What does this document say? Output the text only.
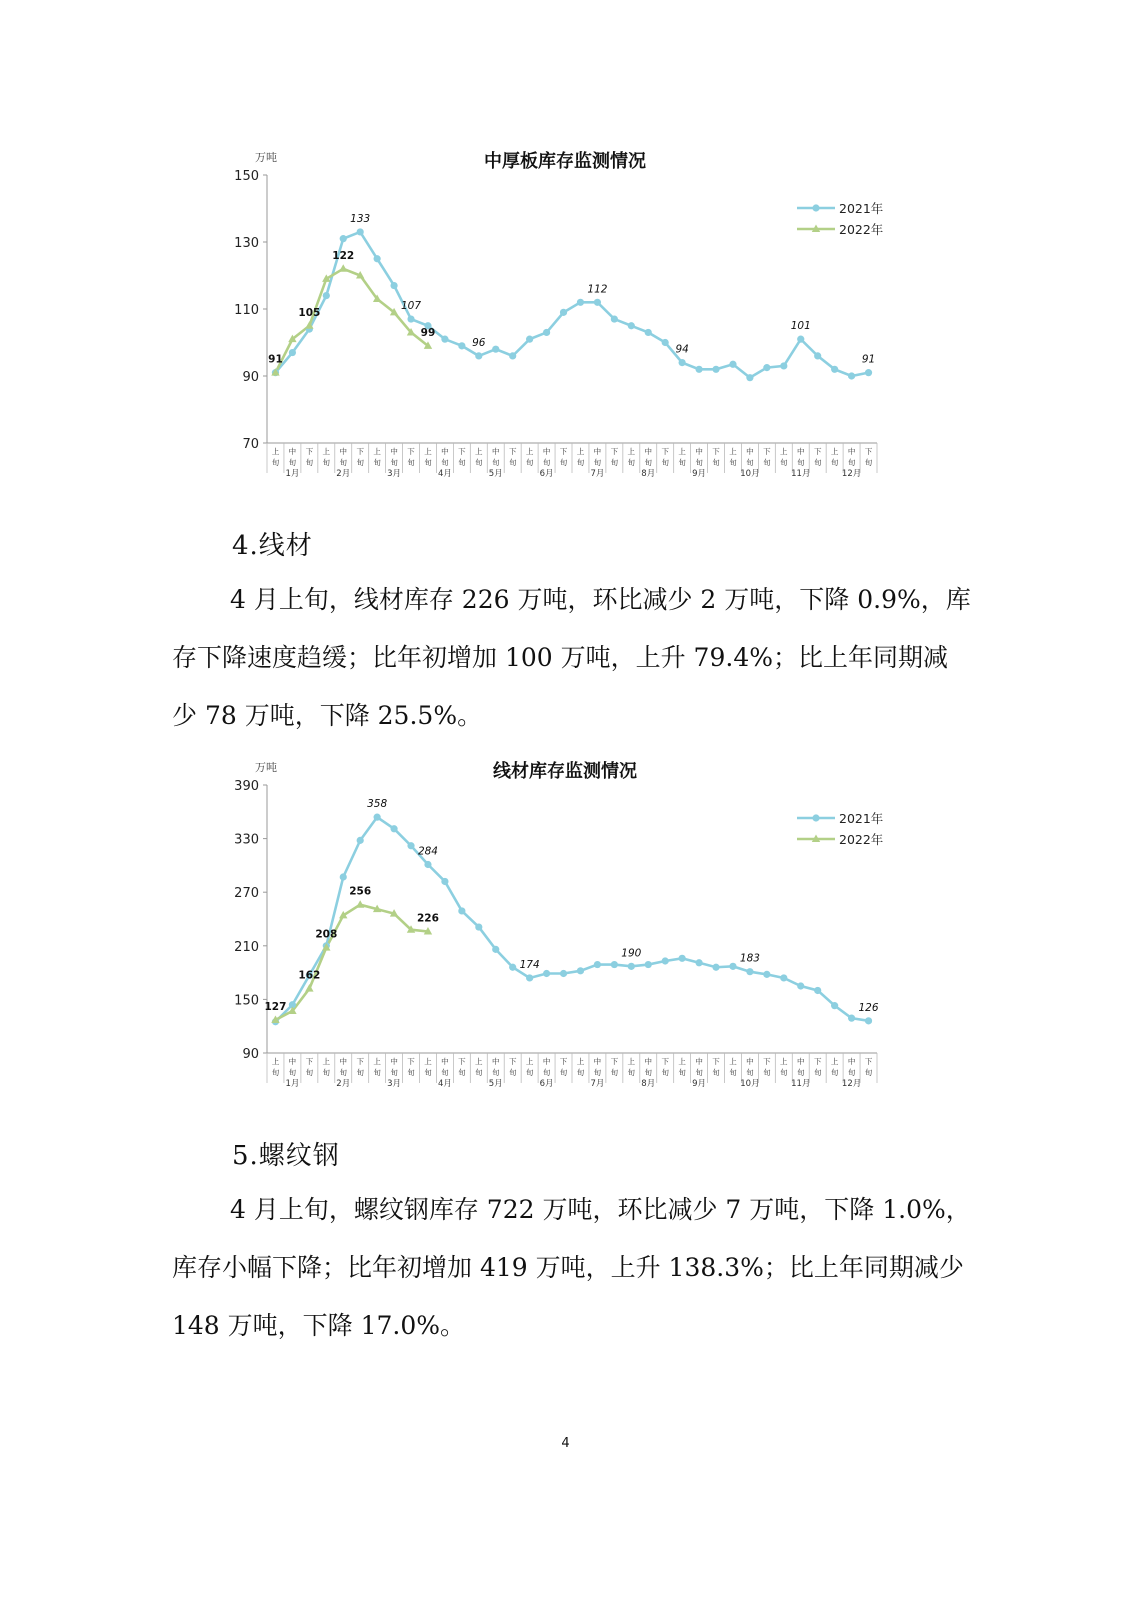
中厚板库存监测情况
万吨
150
130
110
90
70 上
旬
中
旬
下
旬
上
旬
中
旬
下
旬
上
旬
中
旬
下
旬
上
旬
中
旬
下
旬
上
旬
中
旬
下
旬
上
旬
中
旬
下
旬
上
旬
中
旬
下
旬
上
旬
中
旬
下
旬
上
旬
中
旬
下
旬
上
旬
中
旬
下
旬
上
旬
中
旬
下
旬
上
旬
中
旬
下
旬
1月	2月	3月	4月	5月	6月	7月	8月	9月	10月	11月	12月
133
107
96
112
94
101
91
91
105
122
99
2021年
2022年
4.线材
4 月上旬，线材库存 226 万吨，环比减少 2 万吨，下降 0.9%，库存下降速度趋缓；比年初增加 100 万吨，上升 79.4%；比上年同期减少 78 万吨，下降 25.5%。
线材库存监测情况
万吨
390
330
270
210
150
90 上
旬
中
旬
下
旬
上
旬
中
旬
下
旬
上
旬
中
旬
下
旬
上
旬
中
旬
下
旬
上
旬
中
旬
下
旬
上
旬
中
旬
下
旬
上
旬
中
旬
下
旬
上
旬
中
旬
下
旬
上
旬
中
旬
下
旬
上
旬
中
旬
下
旬
上
旬
中
旬
下
旬
上
旬
中
旬
下
旬
1月	2月	3月	4月	5月	6月	7月	8月	9月	10月	11月	12月
358
284
174
190	183
126
127
162
208
256
226
2021年
2022年
5.螺纹钢
4 月上旬，螺纹钢库存 722 万吨，环比减少 7 万吨，下降 1.0%，库存小幅下降；比年初增加 419 万吨，上升 138.3%；比上年同期减少 148 万吨，下降 17.0%。
4
